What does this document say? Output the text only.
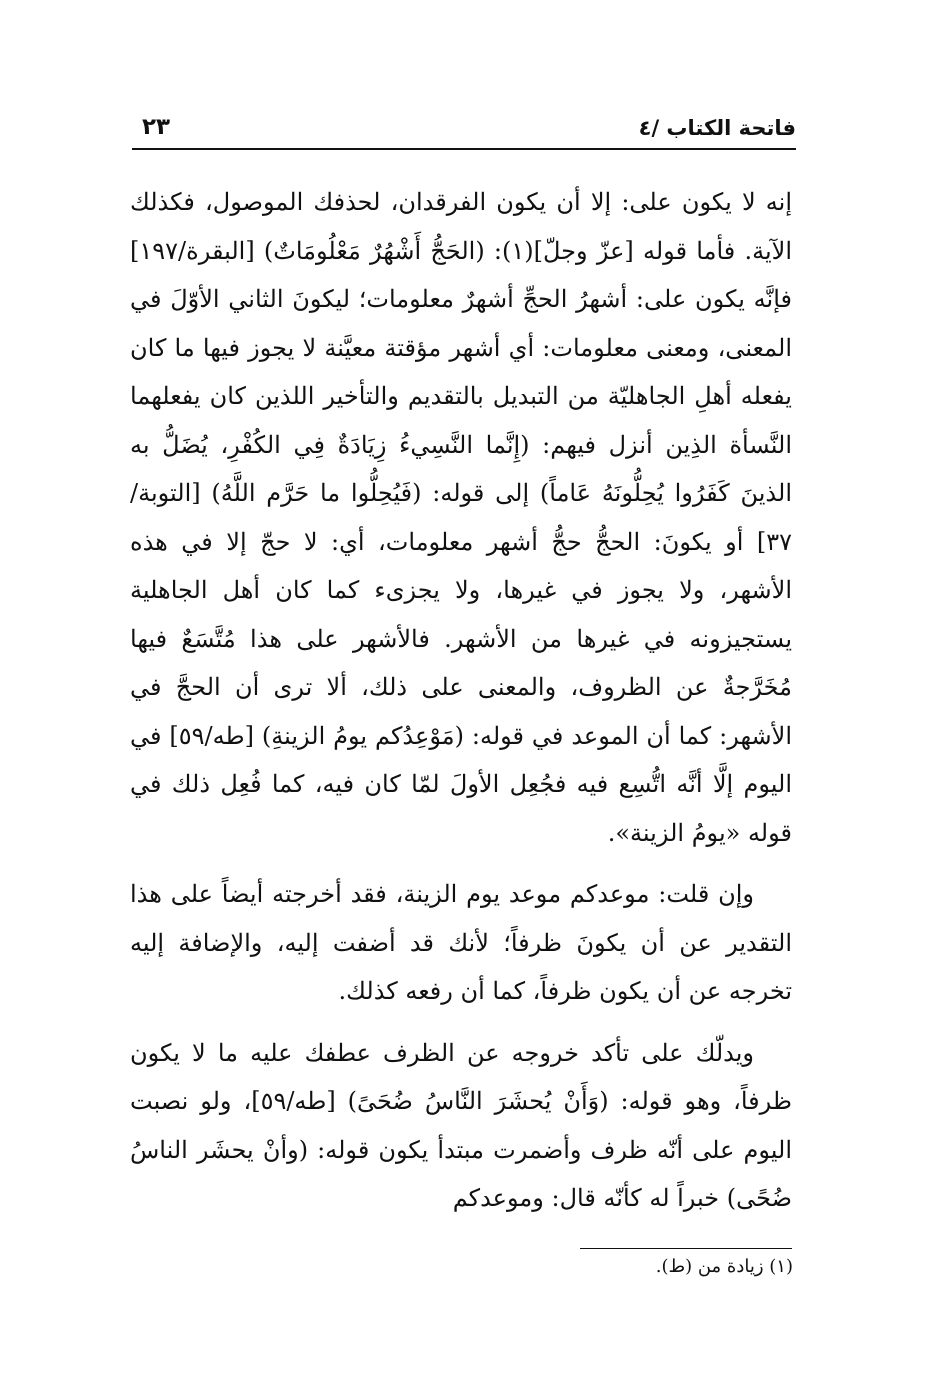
فاتحة الكتاب /٤
٢٣

إنه لا يكون على: إلا أن يكون الفرقدان، لحذفك الموصول، فكذلك الآية. فأما قوله [عزّ وجلّ](١): (الحَجُّ أَشْهُرٌ مَعْلُومَاتٌ) [البقرة/١٩٧] فإنَّه يكون على: أشهرُ الحجِّ أشهرٌ معلومات؛ ليكونَ الثاني الأوّلَ في المعنى، ومعنى معلومات: أي أشهر مؤقتة معيَّنة لا يجوز فيها ما كان يفعله أهلِ الجاهليّة من التبديل بالتقديم والتأخير اللذين كان يفعلهما النَّسأة الذِين أنزل فيهم: (إِنَّما النَّسِيءُ زِيَادَةٌ فِي الكُفْرِ، يُضَلُّ به الذينَ كَفَرُوا يُحِلُّونَهُ عَاماً) إلى قوله: (فَيُحِلُّوا ما حَرَّم اللَّهُ) [التوبة/٣٧] أو يكونَ: الحجُّ حجُّ أشهر معلومات، أي: لا حجّ إلا في هذه الأشهر، ولا يجوز في غيرها، ولا يجزىء كما كان أهل الجاهلية يستجيزونه في غيرها من الأشهر. فالأشهر على هذا مُتَّسَعٌ فيها مُخَرَّجةٌ عن الظروف، والمعنى على ذلك، ألا ترى أن الحجَّ في الأشهر: كما أن الموعد في قوله: (مَوْعِدُكم يومُ الزينةِ) [طه/٥٩] في اليوم إلَّا أنَّه اتُّسِع فيه فجُعِل الأولَ لمّا كان فيه، كما فُعِل ذلك في قوله «يومُ الزينة».

وإن قلت: موعدكم موعد يوم الزينة، فقد أخرجته أيضاً على هذا التقدير عن أن يكونَ ظرفاً؛ لأنك قد أضفت إليه، والإضافة إليه تخرجه عن أن يكون ظرفاً، كما أن رفعه كذلك.

ويدلّك على تأكد خروجه عن الظرف عطفك عليه ما لا يكون ظرفاً، وهو قوله: (وَأَنْ يُحشَرَ النَّاسُ ضُحَىً) [طه/٥٩]، ولو نصبت اليوم على أنّه ظرف وأضمرت مبتدأ يكون قوله: (وأنْ يحشَر الناسُ ضُحًى) خبراً له كأنّه قال: وموعدكم

(١) زيادة من (ط).
